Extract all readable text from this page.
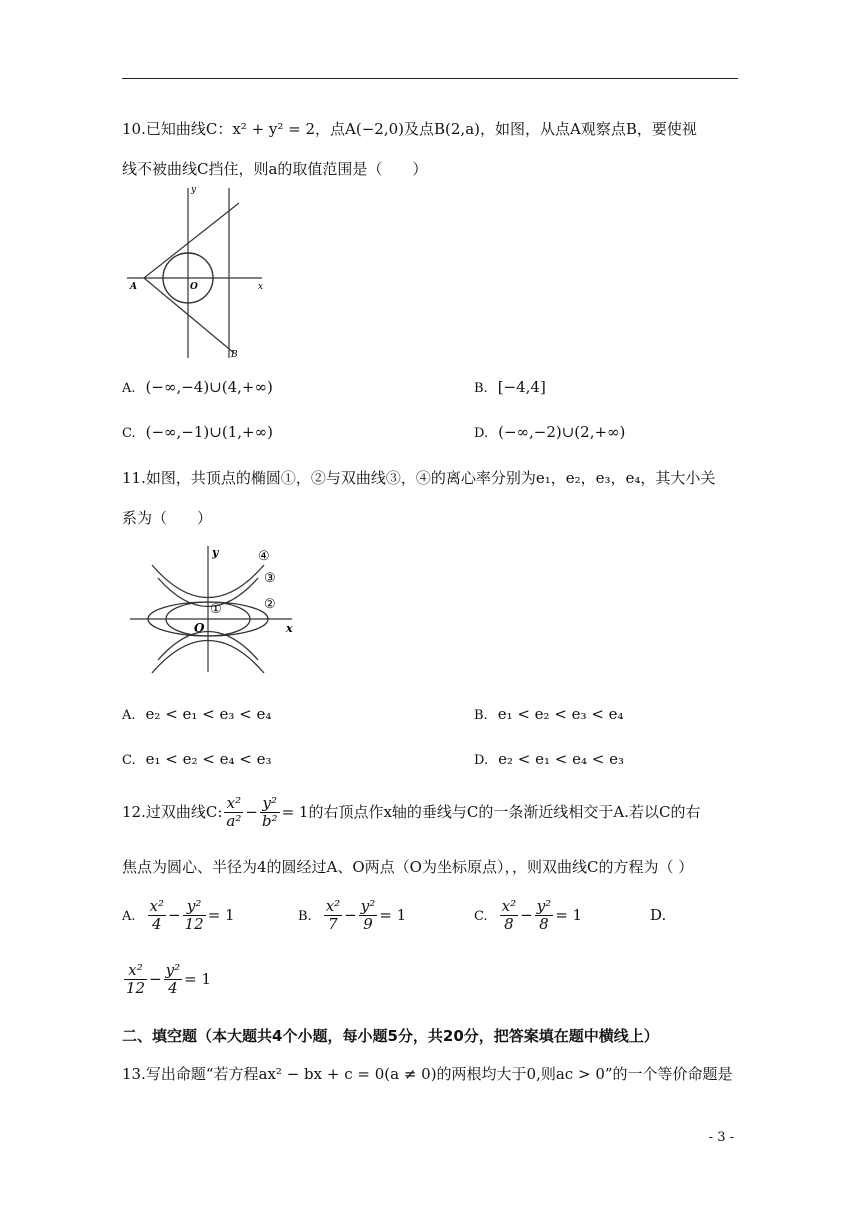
10.已知曲线C：x² + y² = 2，点A(−2,0)及点B(2,a)，如图，从点A观察点B，要使视
线不被曲线C挡住，则a的取值范围是（　　）
y
x
A	O
B
A. (−∞,−4)∪(4,+∞)	B. [−4,4]
C. (−∞,−1)∪(1,+∞)	D. (−∞,−2)∪(2,+∞)
11.如图，共顶点的椭圆①，②与双曲线③，④的离心率分别为e₁，e₂，e₃，e₄，其大小关
系为（　　）
y
x
O
①	②
③
④
A. e₂ < e₁ < e₃ < e₄	B. e₁ < e₂ < e₃ < e₄
C. e₁ < e₂ < e₄ < e₃	D. e₂ < e₁ < e₄ < e₃
12.过双曲线C: $\frac{\text{x²}}{\text{a²}} - \frac{\text{y²}}{\text{b²}} = 1$的右顶点作x轴的垂线与C的一条渐近线相交于A.若以C的右
焦点为圆心、半径为4的圆经过A、O两点（O为坐标原点），，则双曲线C的方程为（ ）
A. $\frac{\text{x²}}{4} - \frac{\text{y²}}{12} = 1$	B. $\frac{\text{x²}}{7} - \frac{\text{y²}}{9} = 1$	C. $\frac{\text{x²}}{8} - \frac{\text{y²}}{8} = 1$	D.
$\frac{\text{x²}}{12} - \frac{\text{y²}}{4} = 1$
二、填空题（本大题共4个小题，每小题5分，共20分，把答案填在题中横线上）
13.写出命题“若方程ax² − bx + c = 0(a ≠ 0)的两根均大于0,则ac > 0”的一个等价命题是
- 3 -
